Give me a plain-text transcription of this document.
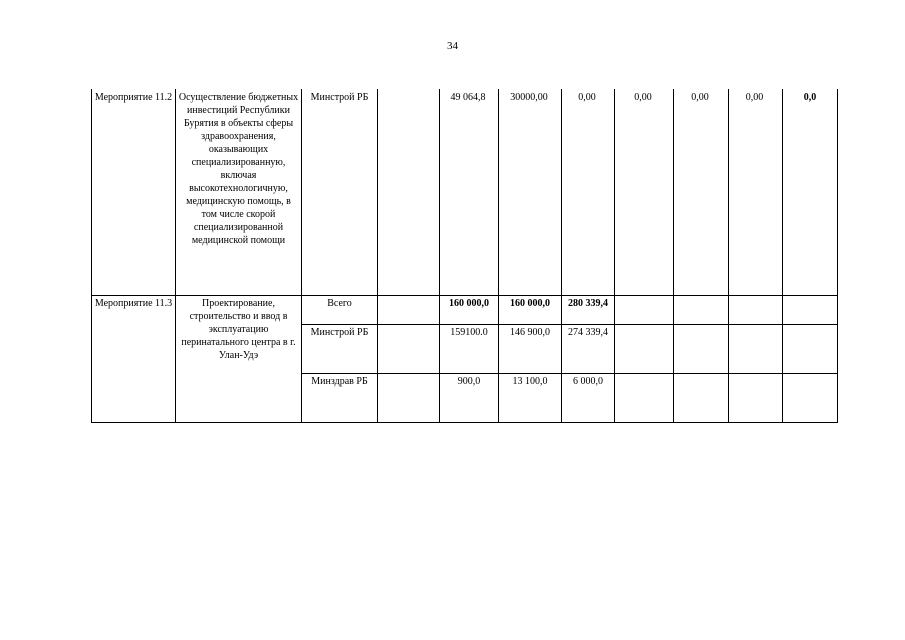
34
Мероприятие 11.2	Осуществление бюджетных инвестиций Республики Бурятия в объекты сферы здравоохранения, оказывающих специализированную, включая высокотехнологичную, медицинскую помощь, в том числе скорой специализированной медицинской помощи	Минстрой РБ		49 064,8	30000,00	0,00	0,00	0,00	0,00	0,0
Мероприятие 11.3	Проектирование, строительство и ввод в эксплуатацию перинатального центра в г. Улан-Удэ	Всего		160 000,0	160 000,0	280 339,4				
		Минстрой РБ		159100.0	146 900,0	274 339,4				
		Минздрав РБ		900,0	13 100,0	6 000,0				
